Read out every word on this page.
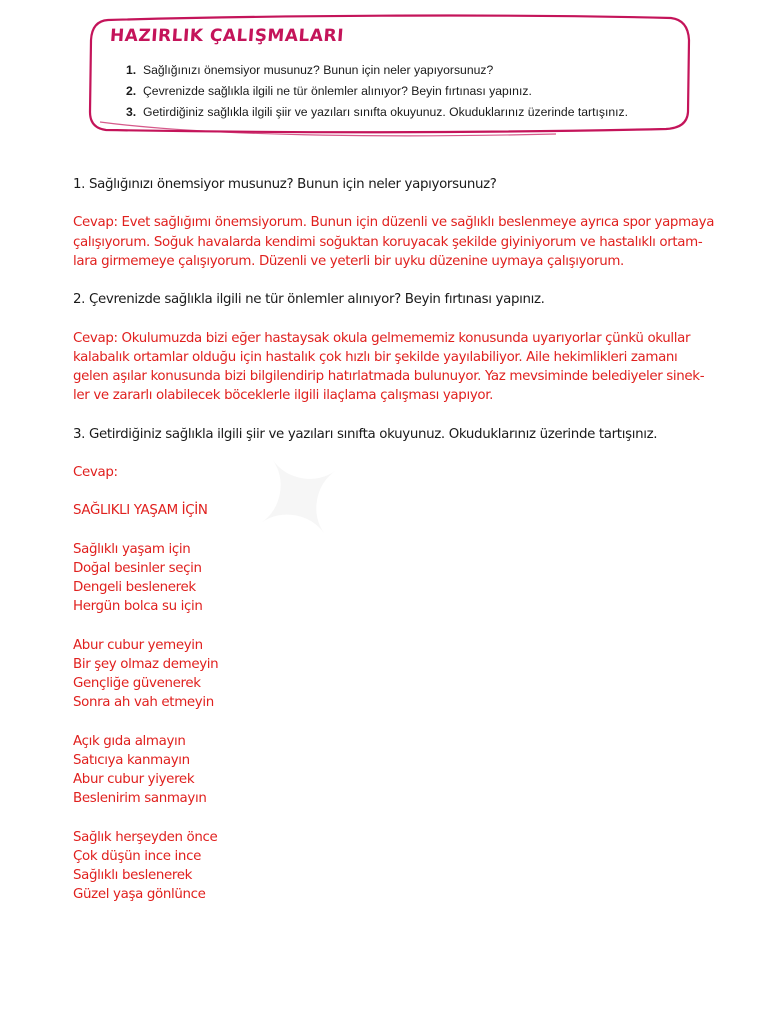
HAZIRLIK ÇALIŞMALARI
1. Sağlığınızı önemsiyor musunuz? Bunun için neler yapıyorsunuz?
2. Çevrenizde sağlıkla ilgili ne tür önlemler alınıyor? Beyin fırtınası yapınız.
3. Getirdiğiniz sağlıkla ilgili şiir ve yazıları sınıfta okuyunuz. Okuduklarınız üzerinde tartışınız.

1. Sağlığınızı önemsiyor musunuz? Bunun için neler yapıyorsunuz?

Cevap: Evet sağlığımı önemsiyorum. Bunun için düzenli ve sağlıklı beslenmeye ayrıca spor yapmaya

çalışıyorum. Soğuk havalarda kendimi soğuktan koruyacak şekilde giyiniyorum ve hastalıklı ortam-

lara girmemeye çalışıyorum. Düzenli ve yeterli bir uyku düzenine uymaya çalışıyorum.

2. Çevrenizde sağlıkla ilgili ne tür önlemler alınıyor? Beyin fırtınası yapınız.

Cevap: Okulumuzda bizi eğer hastaysak okula gelmememiz konusunda uyarıyorlar çünkü okullar

kalabalık ortamlar olduğu için hastalık çok hızlı bir şekilde yayılabiliyor. Aile hekimlikleri zamanı

gelen aşılar konusunda bizi bilgilendirip hatırlatmada bulunuyor. Yaz mevsiminde belediyeler sinek-

ler ve zararlı olabilecek böceklerle ilgili ilaçlama çalışması yapıyor.

3. Getirdiğiniz sağlıkla ilgili şiir ve yazıları sınıfta okuyunuz. Okuduklarınız üzerinde tartışınız.

Cevap:

SAĞLIKLI YAŞAM İÇİN

Sağlıklı yaşam için

Doğal besinler seçin

Dengeli beslenerek

Hergün bolca su için

Abur cubur yemeyin

Bir şey olmaz demeyin

Gençliğe güvenerek

Sonra ah vah etmeyin

Açık gıda almayın

Satıcıya kanmayın

Abur cubur yiyerek

Beslenirim sanmayın

Sağlık herşeyden önce

Çok düşün ince ince

Sağlıklı beslenerek

Güzel yaşa gönlünce
